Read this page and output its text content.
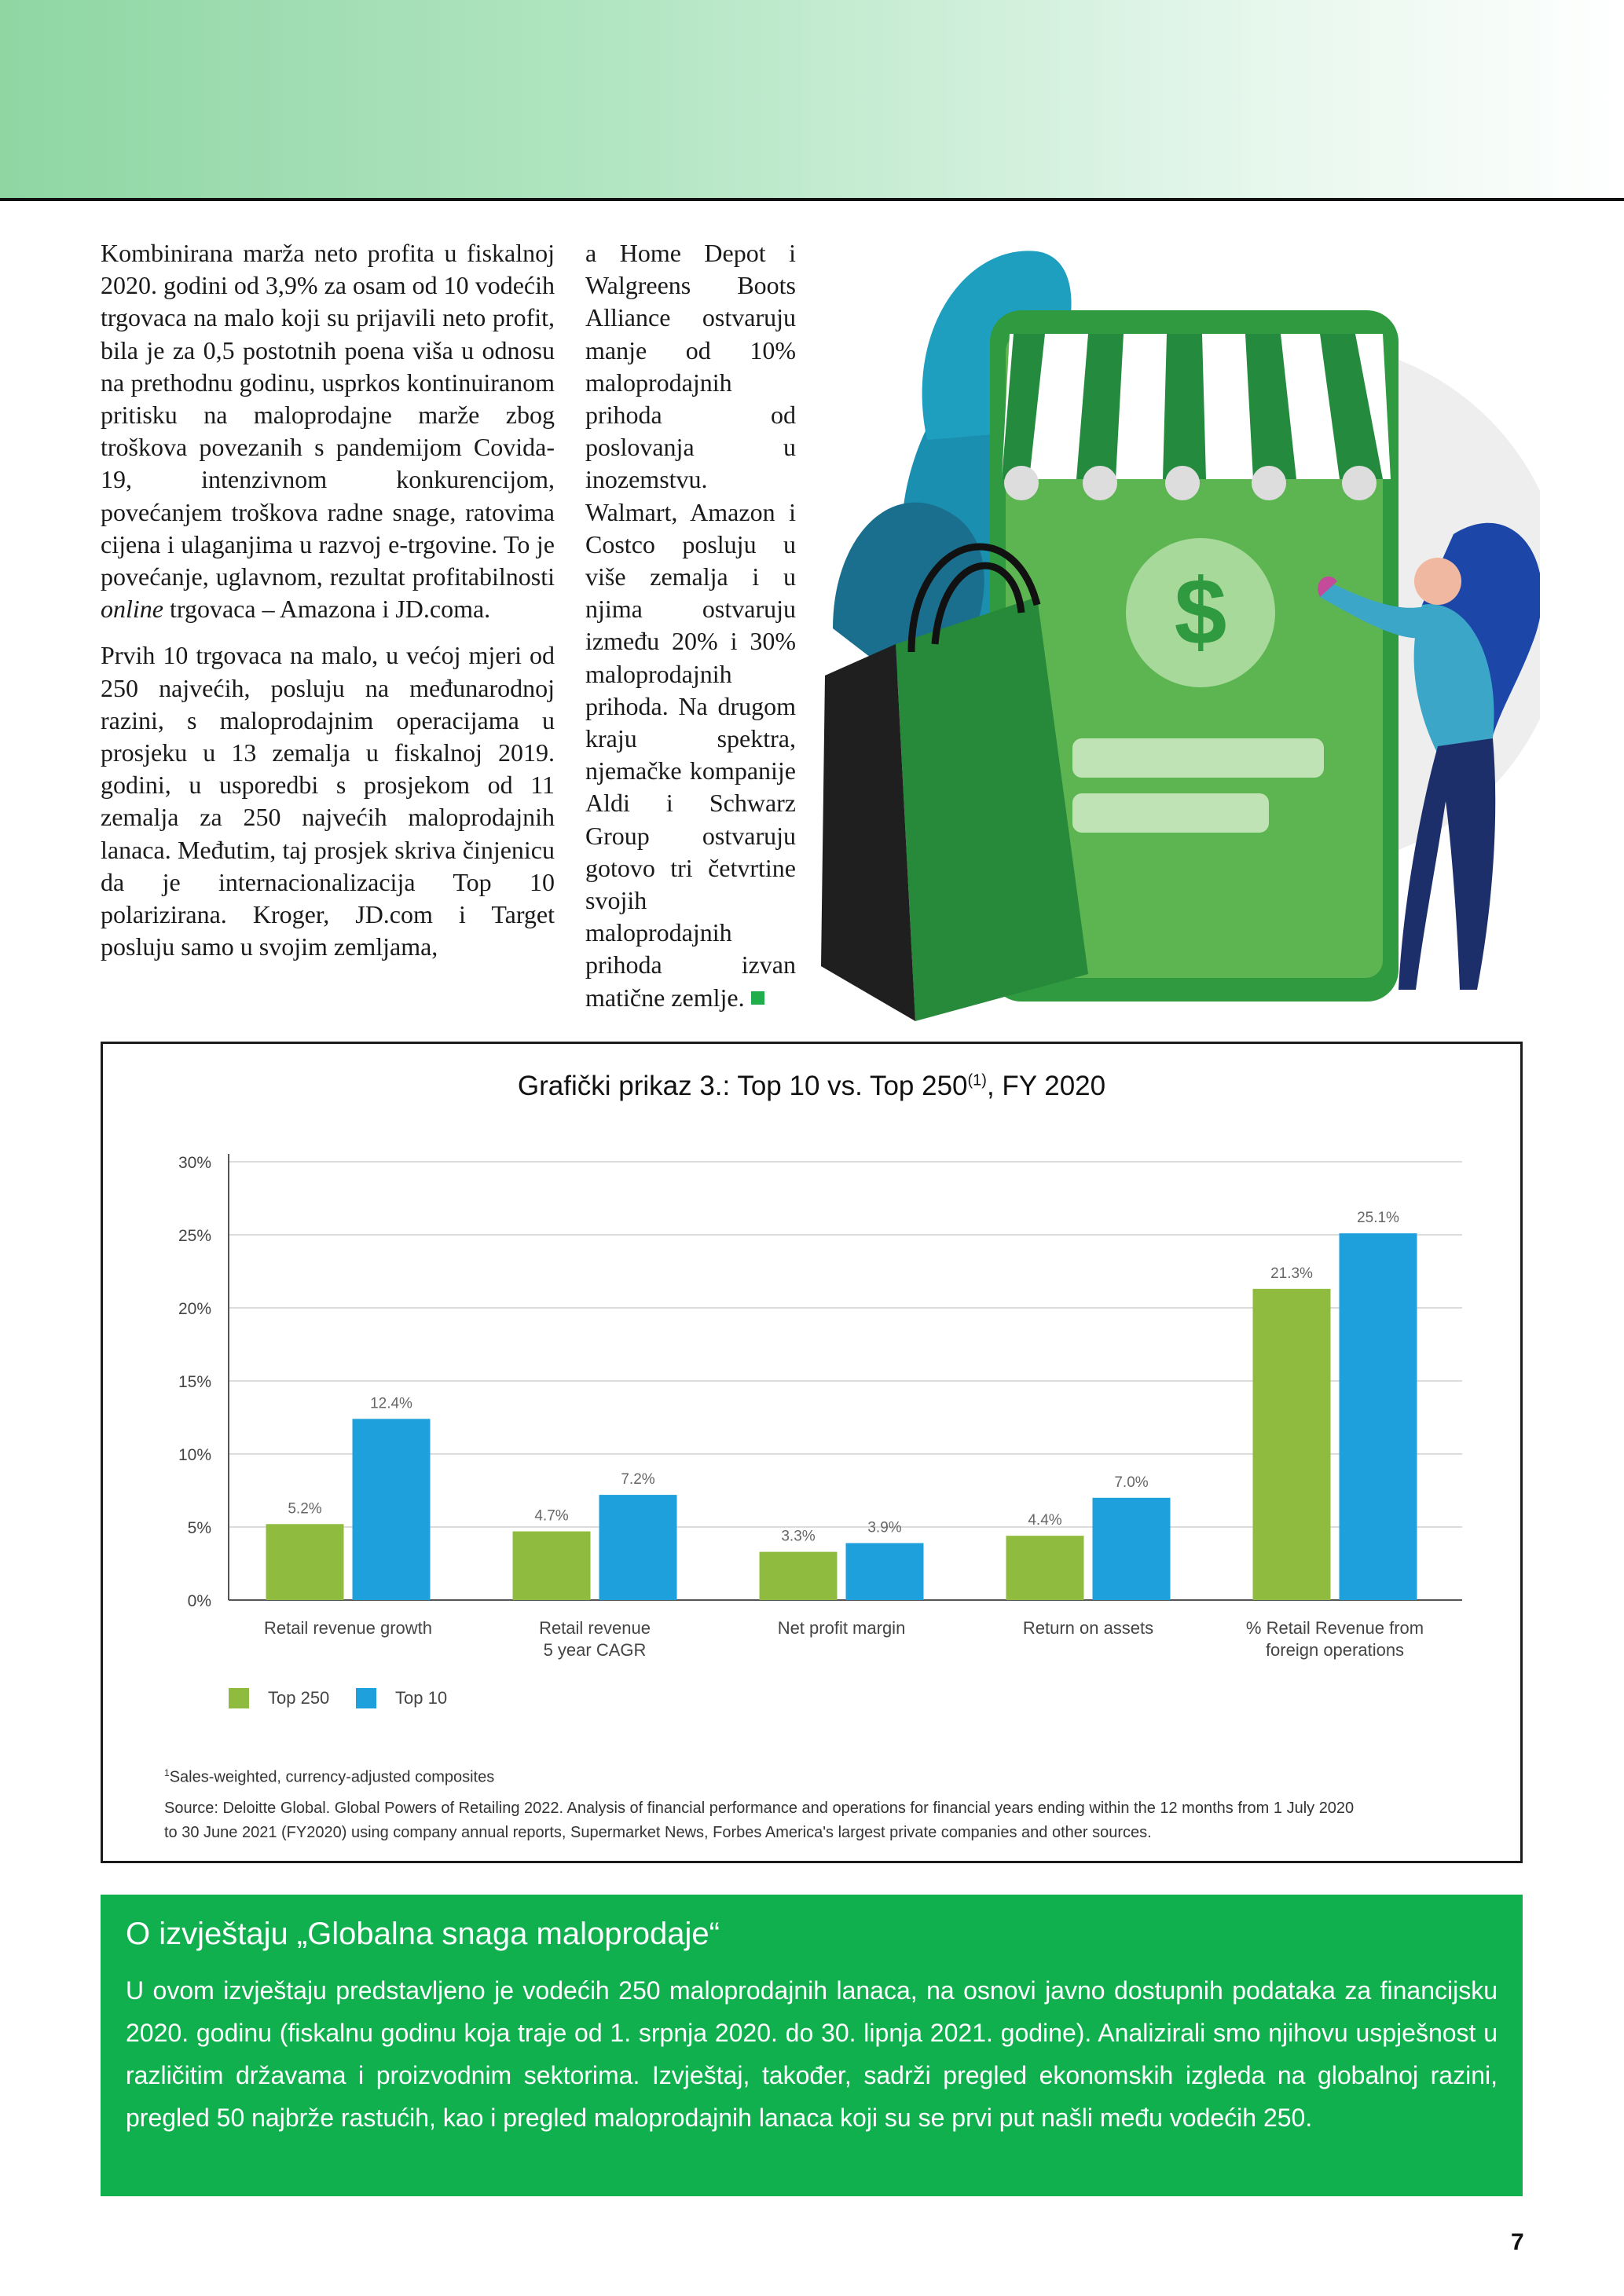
Kombinirana marža neto profita u fiskalnoj 2020. godini od 3,9% za osam od 10 vodećih trgovaca na malo koji su prijavili neto profit, bila je za 0,5 postotnih poena viša u odnosu na prethodnu godinu, usprkos kontinuiranom pritisku na maloprodajne marže zbog troškova povezanih s pandemijom Covida-19, intenzivnom konkurencijom, povećanjem troškova radne snage, ratovima cijena i ulaganjima u razvoj e-trgovine. To je povećanje, uglavnom, rezultat profitabilnosti online trgovaca – Amazona i JD.coma.

Prvih 10 trgovaca na malo, u većoj mjeri od 250 najvećih, posluju na međunarodnoj razini, s maloprodajnim operacijama u prosjeku u 13 zemalja u fiskalnoj 2019. godini, u usporedbi s prosjekom od 11 zemalja za 250 najvećih maloprodajnih lanaca. Međutim, taj prosjek skriva činjenicu da je internacionalizacija Top 10 polarizirana. Kroger, JD.com i Target posluju samo u svojim zemljama,

a Home Depot i Walgreens Boots Alliance ostvaruju manje od 10% maloprodajnih prihoda od poslovanja u inozemstvu. Walmart, Amazon i Costco posluju u više zemalja i u njima ostvaruju između 20% i 30% maloprodajnih prihoda. Na drugom kraju spektra, njemačke kompanije Aldi i Schwarz Group ostvaruju gotovo tri četvrtine svojih maloprodajnih prihoda izvan matične zemlje.

$
Grafički prikaz 3.: Top 10 vs. Top 250$^{(1)}$, FY 2020
0%
5%
10%
15%
20%
25%
30%
5.2%
12.4%
Retail revenue growth
4.7%
7.2%
Retail revenue
5 year CAGR
3.3%
3.9%
Net profit margin
4.4%
7.0%
Return on assets
21.3%
25.1%
% Retail Revenue from
foreign operations
Top 250	Top 10
$^1$Sales-weighted, currency-adjusted composites
Source: Deloitte Global. Global Powers of Retailing 2022. Analysis of financial performance and operations for financial years ending within the 12 months from 1 July 2020
to 30 June 2021 (FY2020) using company annual reports, Supermarket News, Forbes America's largest private companies and other sources.
O izvještaju „Globalna snaga maloprodaje“

U ovom izvještaju predstavljeno je vodećih 250 maloprodajnih lanaca, na osnovi javno dostupnih podataka za financijsku 2020. godinu (fiskalnu godinu koja traje od 1. srpnja 2020. do 30. lipnja 2021. godine). Analizirali smo njihovu uspješnost u različitim državama i proizvodnim sektorima. Izvještaj, također, sadrži pregled ekonomskih izgleda na globalnoj razini, pregled 50 najbrže rastućih, kao i pregled maloprodajnih lanaca koji su se prvi put našli među vodećih 250.

7
